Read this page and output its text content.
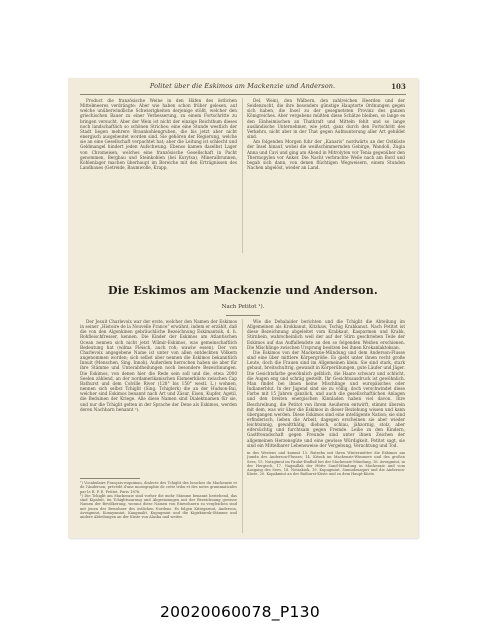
Politet über die Eskimos am Mackenzie und Anderson.	103

Product die französische Weine in den Häfen des östlichen Mittelmeeres verdrängte: Aber wie haben schon früher gelesen, auf welche unüberwindliche Schwierigkeiten derjenige stößt, welcher den griechischen Bauer zu einer Verbesserung, zu einem Fortschritte zu bringen versucht. Aber der Wein ist nicht der einzige Reichthum dieses noch landschaftlich so schönen Striches: eine eine Stunde westlich der Stadt liegen mehrere Braunkohlengruben, die bis jetzt aber nicht energisch ausgebeutet worden sind. Sie gehören der Regierung, welche sie an eine Gesellschaft verpachtet hat; aber die Leitung ist schlecht und Geldmangel hindert jeden Aufschwung. Ebenso kamen daselbst Lager von Chromeisen, welches eine französische Gesellschaft in Pacht genommen, Bergbau und Steinkohlen (bei Kurytsa), Mineralbrunnen, Kohlenlager machen überhaupt im Bereiche mit den Erträgnissen des Landbaues (Getreide, Baumwolle, Krapp,

Del, Wein), den Wälbern, den zahlreichen Heerden und der Seidenzucht, die ihre besonders günstige Hauptorte Ordnungen gegen sich haben, die Insel zu der gesegnetsten Provinz des ganzen Königreiches. Aber vergebens müßten diese Schätze bleiben, so lange es den Einheimischen an Thatkraft und Mitteln fehlt und so lange ausländische Unternehmer, wie jetzt, ganz durch den Fortschritt des Verkehrs, nicht aber in der That gegen Aufmunterung aller Art gebildet sind.

Am folgenden Morgen fuhr der „Kanaris“ nordwärts an der Ostküste der Insel hinauf, wobei die weißschimmernden Gebirge, Wandoli, Zugia Anna und Cavi und ging am Abend in Mitrolyten vor Tenia gegenüber den Thermopylen vor Anker. Die Nacht verbrachte Weile nach am Bord und begab sich dann, von denen flüchtigen Wegweisern, einem Stunden Nachen abgelöst, wieder an Land.

Die Eskimos am Mackenzie und Anderson.
Nach Petitot ¹).

Der Jesuit Charlevoix war der erste, welcher den Namen der Eskimos in seiner „Histoire de la Nouvelle France“ erwähnt, indem er erzählt, daß die von den Algonkinen gebräuchliche Bezeichnung Eskimantsik, d. h. Rohfleischfresser, kennen. Die Kinder der Eskimos am Atlantischen Ocean nennen sich nicht jetzt Wilmir-Eskimos, was gemeinschaftlich Bedeutung hat (wilma Fleisch, auch roh; wawiw essen). Der von Charlevoix angegebene Name ist unter von allen entdeckten Völkern angenommen worden; sich selbst aber nennen die Eskimos bekanntlich Innuit (Menschen, Sing. Innok). Außerdem herrschen haben sie aber für ihre Stämme und Unterabtheilungen noch besondere Bezeichnungen. Die Eskimos, von denen hier die Rede sein soll und die, etwa 2000 Seelen zählend, an der nordamerikanischen Eismeerküste zwischen Cap Bathurst und dem Colville River (128° bis 150° westl. L.) wohnen, nennen sich selbst Tchiglit (Sing. Tchiglerk) die an der Hudson-Bai, welcher sind Eskimos benannt nach Art und Zäsur, Eisen, Kupfer, Agetil, die Beduinen der Kriege. Alle diese Namen sind Dialektnamen für sie, und nur die Tchiglit gelten in der Sprache der Dene als Eskimos, werden deren Nachbarn benannt ²).

Wie die Dehalaider berichten und die Tchiglit die Abteilung im Allgemeinen als Krokkanut, Kitzhaw, Tschig Krabkanut. Nach Petitot ist diese Bezeichnung abgeleitet vom Krabkaut, Kasparmen und Krabk, Stirnbein, wahrscheinlich weil der auf der Stirn geschrieben Teile der Eskimos auf das Auffallendste an den so folgenden Weißen erschienen. Die Mischlinge zwischen Ursprung besitzen bei ihnen Krokanlaktoksan.

Die Eskimos von der Mackenzie-Mündung und dem Anderson-Flusse sind eine über mittlere Körpergröße. Es giebt unter ihnen recht große Leute, doch die Frauen sind im Allgemeinen klein. Sie sind stark, stark gebaut, breitschultrig, gewandt in Körperübungen, gute Läufer und Jäger. Die Gesichtsfarbe gewöhnlich gelblich, die Haare schwarz und schlicht, die Augen eng und schräg gestellt. Ihr Gesichtsausdruck ist gewöhnlich. Man findet bei ihnen keine Mischlinge und europäisches oder Indianerblut. In der Jugend sind sie zu völlig, doch verschwindet diese Farbe mit 15 Jahren gänzlich, und auch die gesellschaftlichen Anlagen und den breiten energischen Kinnladen haben viel davon. Ihre Beschreibung, die Petitot von ihrem Aeußeren entwirft, stimmt überein mit dem, was wir über die Eskimos in dieser Beziehung wissen und kann übergangen werden. Diese Eskimos sind eine intelligente Nation; sie sind erfinderisch, lieben die Arbeit, dagegen erscheinen sie aber wieder leichtsinnig, gewaltthätig, diebisch, schlau, jähzornig, stolz, aber eifersüchtig und furchtsam gegen Fremde. Leibe zu den Kindern, Gastfreundschaft gegen Freunde sind unter ihnen Zeichen der allgemeinen Herzensgüte und eine gewisse Würdigkeit. Petitot sagt, sie sind ein Mittelbarer Lebensweise der Vergebung, Verachtung und Tod.

in des Westens und kommt 13. Ratzeba mit ihren Wintermütter die Eskimos am Jumdn des Anderson-Flusses; 14. Kitsuk im Mackenzie-Wimmere und des großen Sees, 15. Natzgimut im Paulat-Einfluß bei der Mackenzie-Mündung, 16. Avvagmiut, in der Hergisch, 17. Nagmillak der Hütte Sand-Mündung in Mackenzie und vom Ausgang des Sees, 18. Neizakiok, 19. Kupugmiut, Sumudzuaquri und die Anderson-Küste, 20. Kopakmiut an der Bathurst-Küste und zu dem Haupt-Küste.

¹) Vocabulaire Français-esquimau, dialecte des Tchiglit des bouches du Mackenzie et de l'Anderson; précédé d'une monographie de cette tribu et des notes grammaticales par le R. P. E. Petitot. Paris 1876.

²) Die Tchiglit am Mackenzie sind vorher die mehr Stämme benannt bestehend, das sind Kipaluit, im Tchiglitsoarung und Abgrenzungen mit der Bezeichnung gewisse Namen der Bevölkerung, woraus diese Namen von Einwohnern zu vergleichen sind mit jenen der Bewohner des östlichen Nordens. Es folgen Kittegarnut, Anderson, Avvagmiut, Konayamiut, Kangmalit, Kupugmiut und die Kigirktaruk-Stämme und andere Abteilungen an der Küste von Alaska und weiter.

20020060078_P130
